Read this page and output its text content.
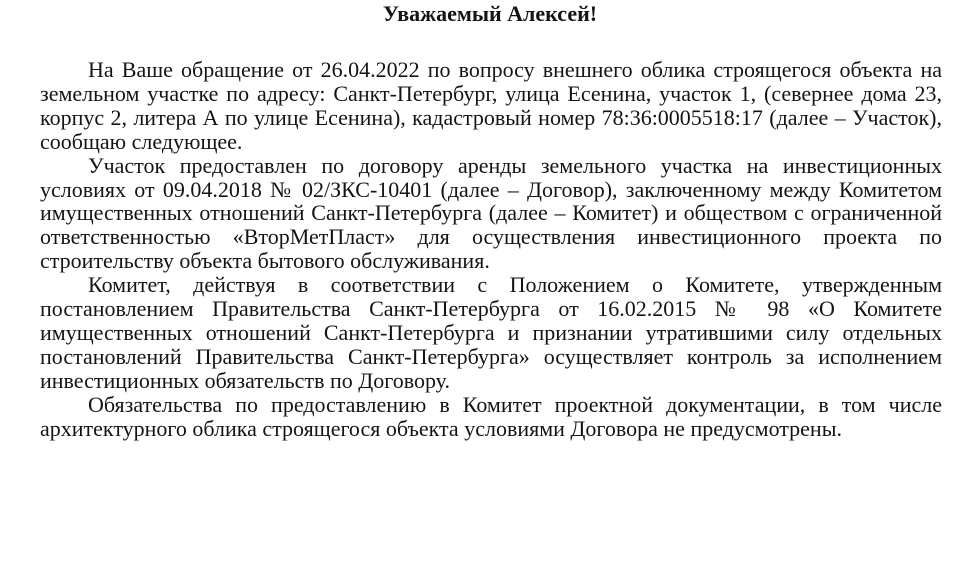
Уважаемый Алексей!

На Ваше обращение от 26.04.2022 по вопросу внешнего облика строящегося объекта на земельном участке по адресу: Санкт-Петербург, улица Есенина, участок 1, (севернее дома 23, корпус 2, литера А по улице Есенина), кадастровый номер 78:36:0005518:17 (далее – Участок), сообщаю следующее.

Участок предоставлен по договору аренды земельного участка на инвестиционных условиях от 09.04.2018 № 02/ЗКС-10401 (далее – Договор), заключенному между Комитетом имущественных отношений Санкт-Петербурга (далее – Комитет) и обществом с ограниченной ответственностью «ВторМетПласт» для осуществления инвестиционного проекта по строительству объекта бытового обслуживания.

Комитет, действуя в соответствии с Положением о Комитете, утвержденным постановлением Правительства Санкт-Петербурга от 16.02.2015 № 98 «О Комитете имущественных отношений Санкт-Петербурга и признании утратившими силу отдельных постановлений Правительства Санкт-Петербурга» осуществляет контроль за исполнением инвестиционных обязательств по Договору.

Обязательства по предоставлению в Комитет проектной документации, в том числе архитектурного облика строящегося объекта условиями Договора не предусмотрены.
